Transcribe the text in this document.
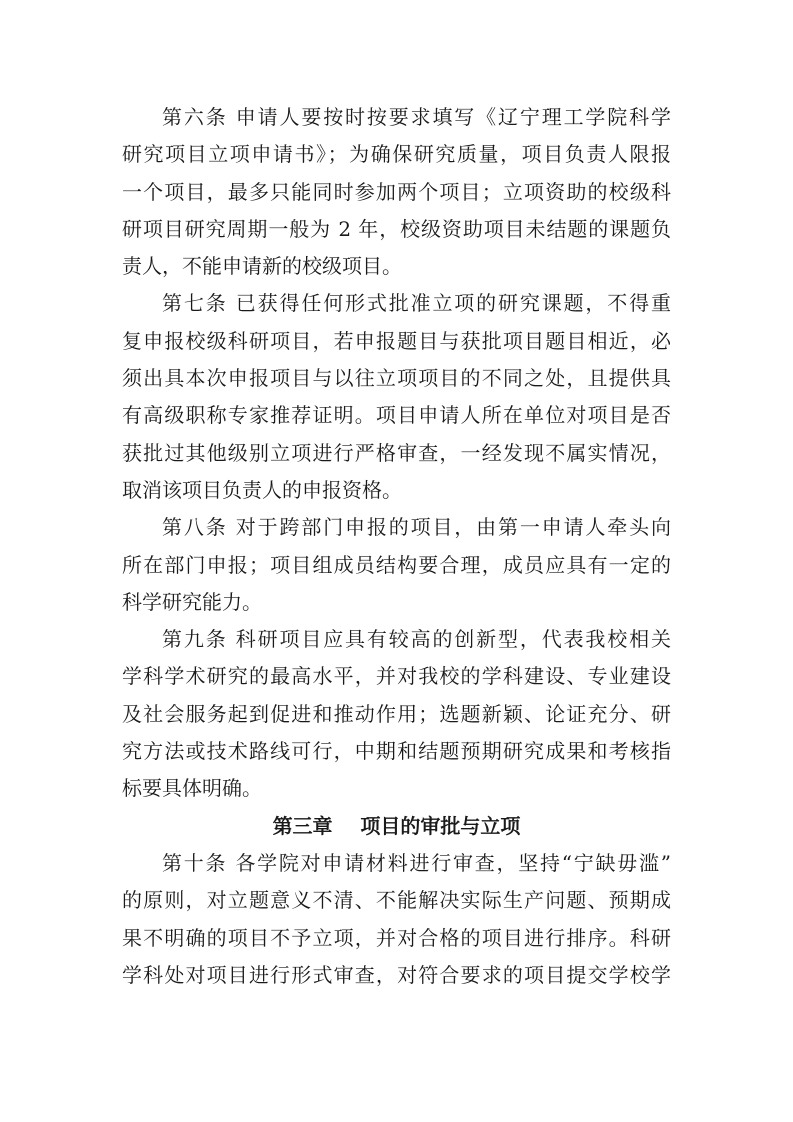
第六条 申请人要按时按要求填写《辽宁理工学院科学
研究项目立项申请书》；为确保研究质量，项目负责人限报
一个项目，最多只能同时参加两个项目；立项资助的校级科
研项目研究周期一般为 2 年，校级资助项目未结题的课题负
责人，不能申请新的校级项目。
第七条 已获得任何形式批准立项的研究课题，不得重
复申报校级科研项目，若申报题目与获批项目题目相近，必
须出具本次申报项目与以往立项项目的不同之处，且提供具
有高级职称专家推荐证明。项目申请人所在单位对项目是否
获批过其他级别立项进行严格审查，一经发现不属实情况，
取消该项目负责人的申报资格。
第八条 对于跨部门申报的项目，由第一申请人牵头向
所在部门申报；项目组成员结构要合理，成员应具有一定的
科学研究能力。
第九条 科研项目应具有较高的创新型，代表我校相关
学科学术研究的最高水平，并对我校的学科建设、专业建设
及社会服务起到促进和推动作用；选题新颖、论证充分、研
究方法或技术路线可行，中期和结题预期研究成果和考核指
标要具体明确。
第三章    项目的审批与立项
第十条 各学院对申请材料进行审查，坚持“宁缺毋滥”
的原则，对立题意义不清、不能解决实际生产问题、预期成
果不明确的项目不予立项，并对合格的项目进行排序。科研
学科处对项目进行形式审查，对符合要求的项目提交学校学
